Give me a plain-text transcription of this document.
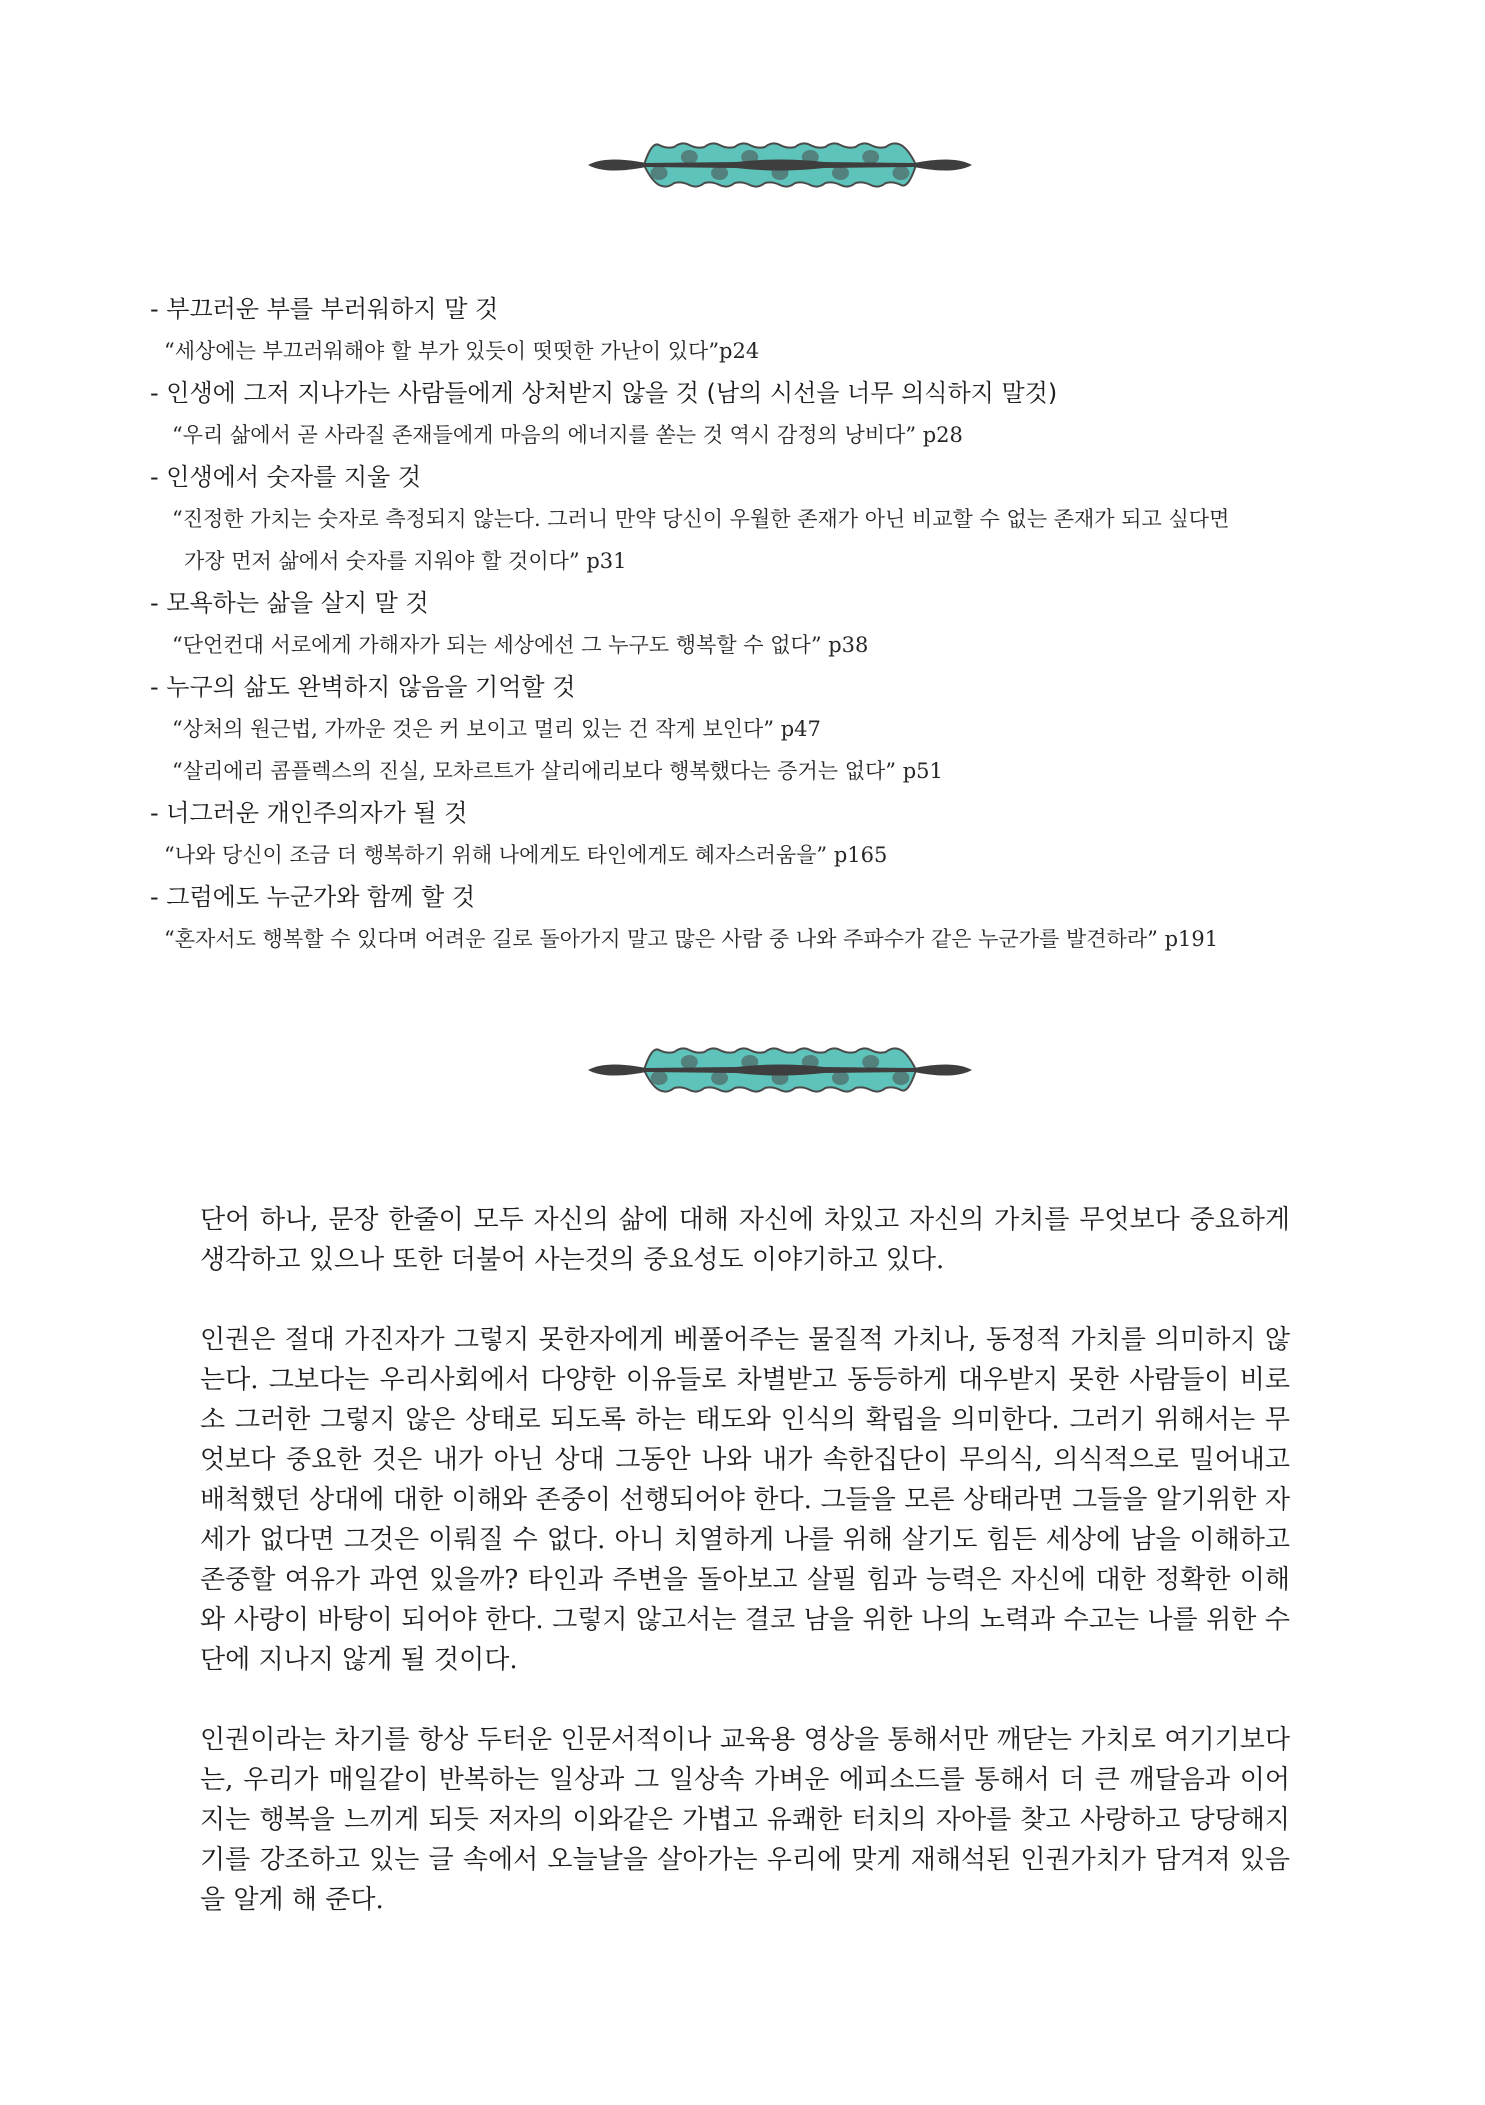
- 부끄러운 부를 부러워하지 말 것
“세상에는 부끄러워해야 할 부가 있듯이 떳떳한 가난이 있다”p24
- 인생에 그저 지나가는 사람들에게 상처받지 않을 것 (남의 시선을 너무 의식하지 말것)
“우리 삶에서 곧 사라질 존재들에게 마음의 에너지를 쏟는 것 역시 감정의 낭비다” p28
- 인생에서 숫자를 지울 것
“진정한 가치는 숫자로 측정되지 않는다. 그러니 만약 당신이 우월한 존재가 아닌 비교할 수 없는 존재가 되고 싶다면
가장 먼저 삶에서 숫자를 지워야 할 것이다” p31
- 모욕하는 삶을 살지 말 것
“단언컨대 서로에게 가해자가 되는 세상에선 그 누구도 행복할 수 없다” p38
- 누구의 삶도 완벽하지 않음을 기억할 것
“상처의 원근법, 가까운 것은 커 보이고 멀리 있는 건 작게 보인다” p47
“살리에리 콤플렉스의 진실, 모차르트가 살리에리보다 행복했다는 증거는 없다” p51
- 너그러운 개인주의자가 될 것
“나와 당신이 조금 더 행복하기 위해 나에게도 타인에게도 혜자스러움을” p165
- 그럼에도 누군가와 함께 할 것
“혼자서도 행복할 수 있다며 어려운 길로 돌아가지 말고 많은 사람 중 나와 주파수가 같은 누군가를 발견하라” p191

단어 하나, 문장 한줄이 모두 자신의 삶에 대해 자신에 차있고 자신의 가치를 무엇보다 중요하게 생각하고 있으나 또한 더불어 사는것의 중요성도 이야기하고 있다.

인권은 절대 가진자가 그렇지 못한자에게 베풀어주는 물질적 가치나, 동정적 가치를 의미하지 않는다. 그보다는 우리사회에서 다양한 이유들로 차별받고 동등하게 대우받지 못한 사람들이 비로소 그러한 그렇지 않은 상태로 되도록 하는 태도와 인식의 확립을 의미한다. 그러기 위해서는 무엇보다 중요한 것은 내가 아닌 상대 그동안 나와 내가 속한집단이 무의식, 의식적으로 밀어내고 배척했던 상대에 대한 이해와 존중이 선행되어야 한다. 그들을 모른 상태라면 그들을 알기위한 자세가 없다면 그것은 이뤄질 수 없다. 아니 치열하게 나를 위해 살기도 힘든 세상에 남을 이해하고 존중할 여유가 과연 있을까? 타인과 주변을 돌아보고 살필 힘과 능력은 자신에 대한 정확한 이해와 사랑이 바탕이 되어야 한다. 그렇지 않고서는 결코 남을 위한 나의 노력과 수고는 나를 위한 수단에 지나지 않게 될 것이다.

인권이라는 차기를 항상 두터운 인문서적이나 교육용 영상을 통해서만 깨닫는 가치로 여기기보다는, 우리가 매일같이 반복하는 일상과 그 일상속 가벼운 에피소드를 통해서 더 큰 깨달음과 이어지는 행복을 느끼게 되듯 저자의 이와같은 가볍고 유쾌한 터치의 자아를 찾고 사랑하고 당당해지기를 강조하고 있는 글 속에서 오늘날을 살아가는 우리에 맞게 재해석된 인권가치가 담겨져 있음을 알게 해 준다.
